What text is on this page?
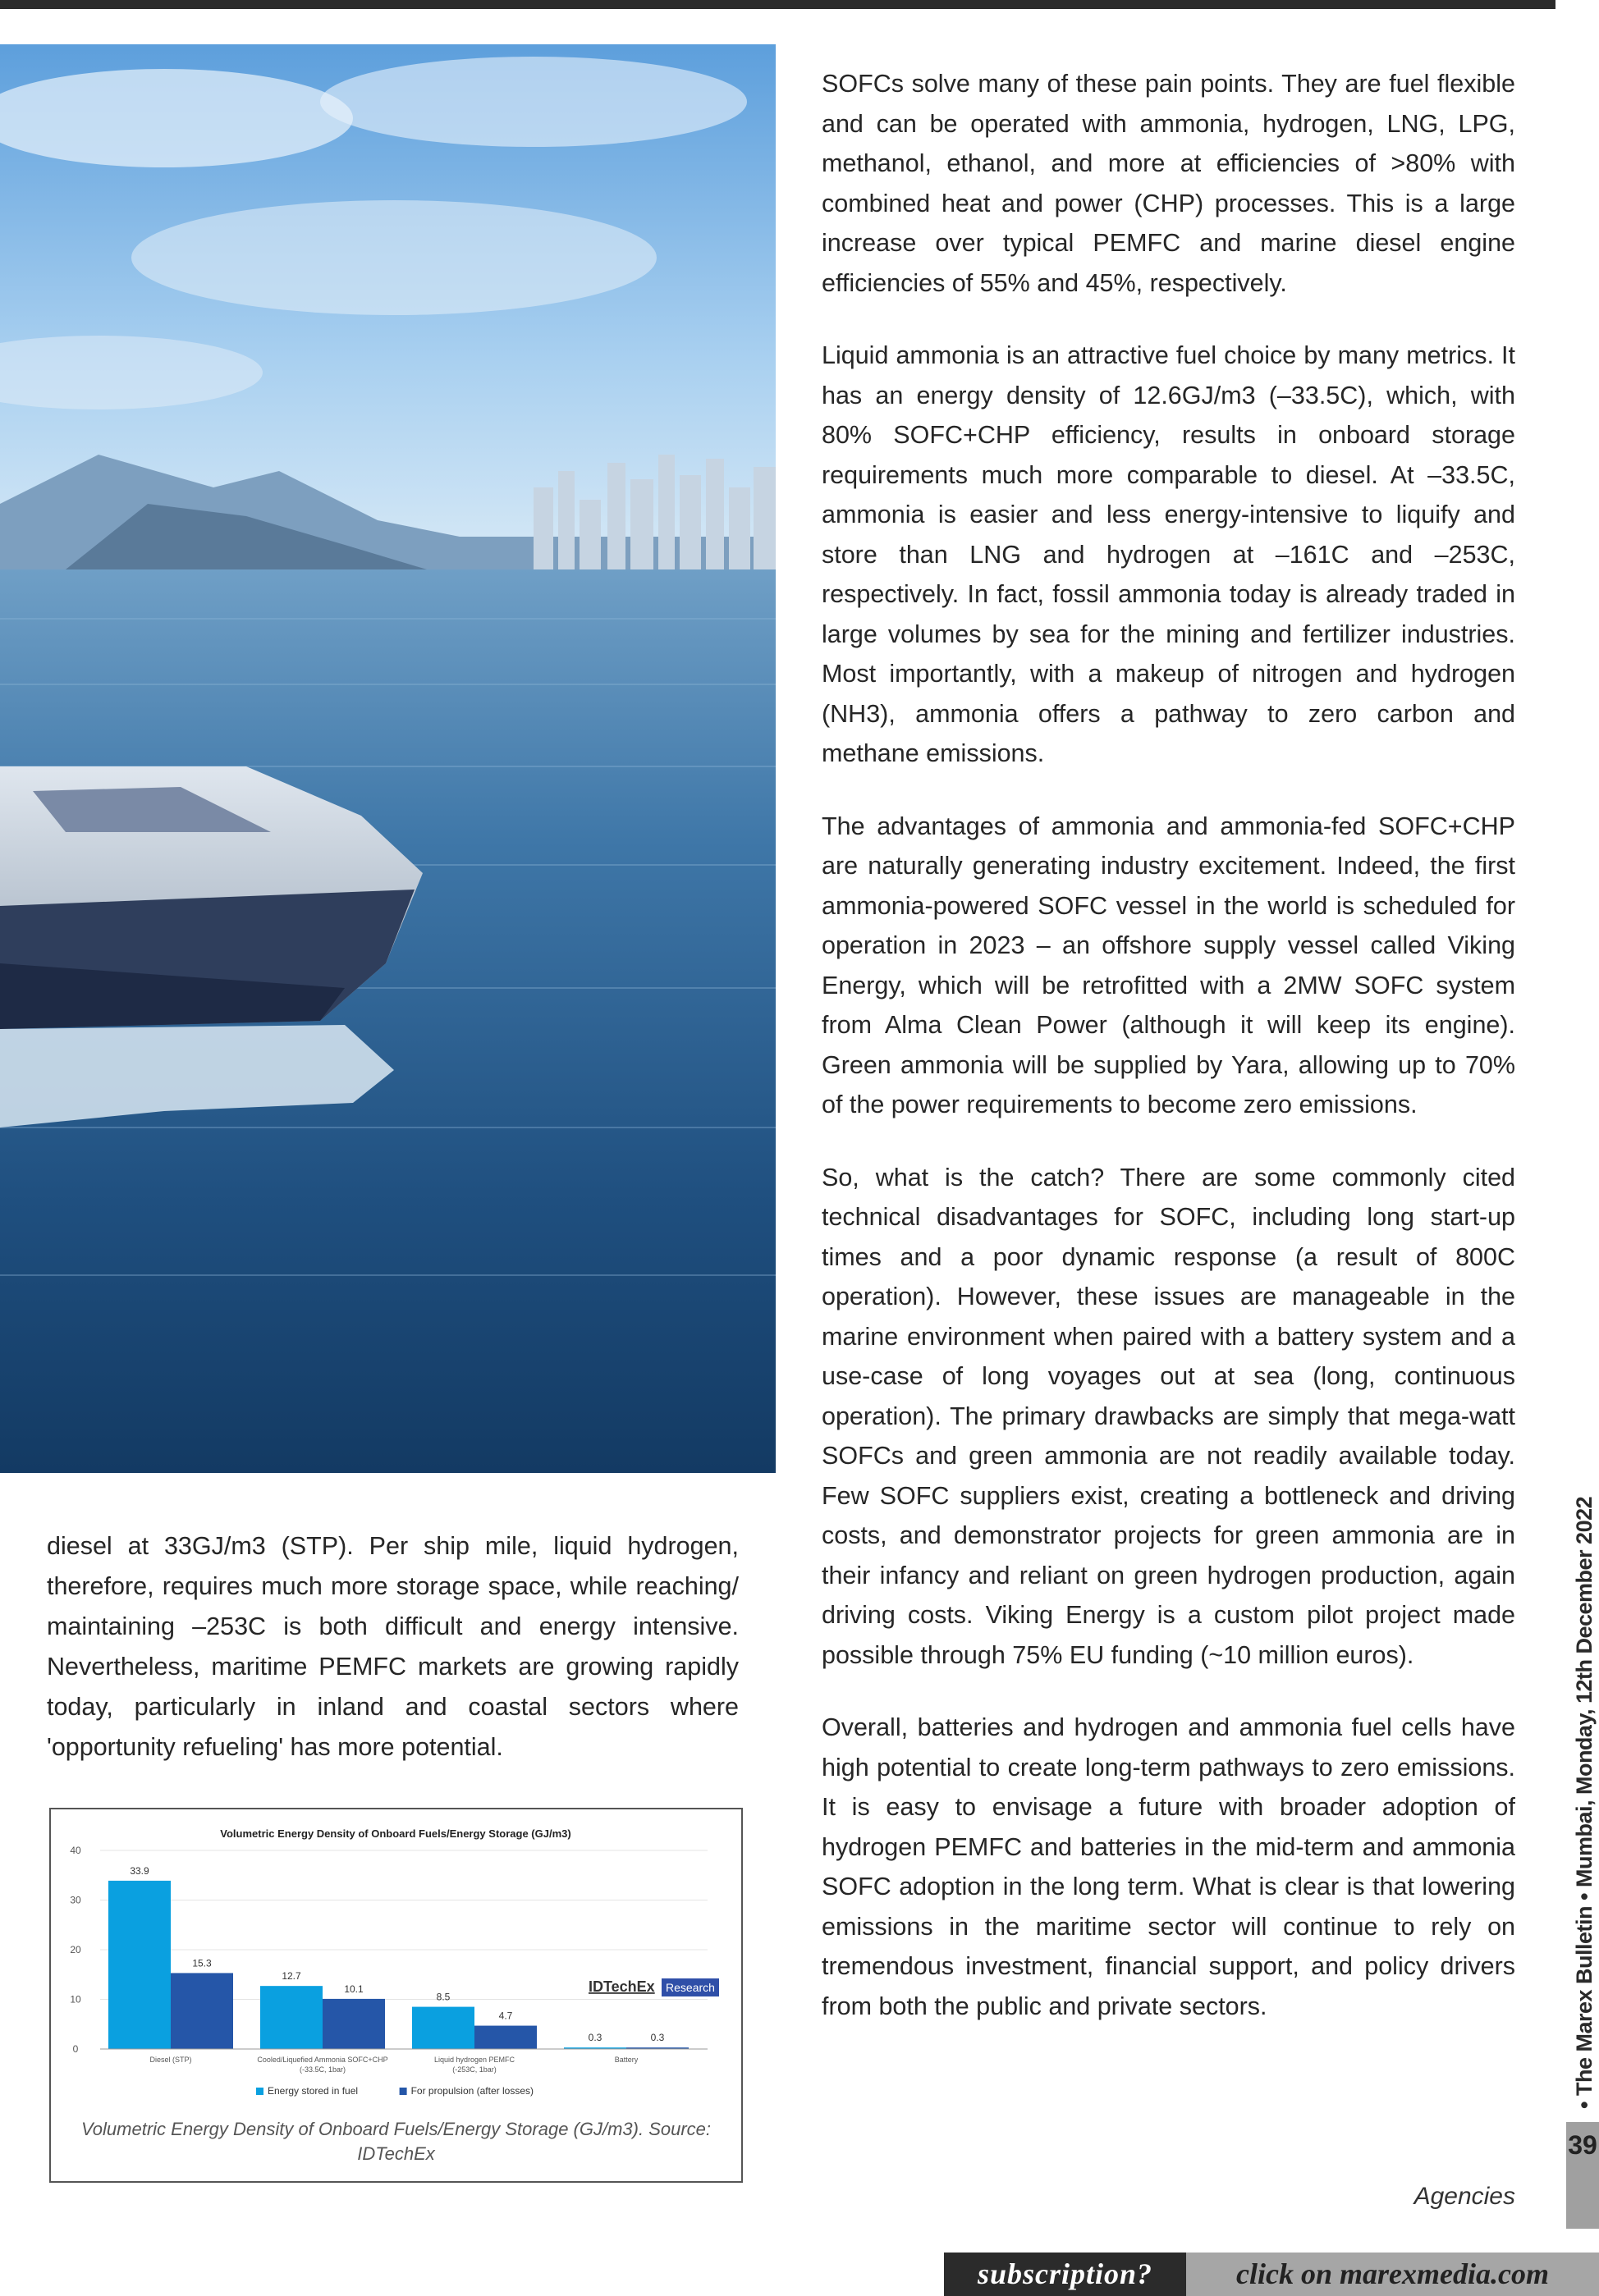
SOFCs solve many of these pain points. They are fuel flexible and can be operated with ammonia, hydrogen, LNG, LPG, methanol, ethanol, and more at efficiencies of >80% with combined heat and power (CHP) processes. This is a large increase over typical PEMFC and marine diesel engine efficiencies of 55% and 45%, respectively.

Liquid ammonia is an attractive fuel choice by many metrics. It has an energy density of 12.6GJ/m3 (–33.5C), which, with 80% SOFC+CHP efficiency, results in onboard storage requirements much more comparable to diesel. At –33.5C, ammonia is easier and less energy-intensive to liquify and store than LNG and hydrogen at –161C and –253C, respectively. In fact, fossil ammonia today is already traded in large volumes by sea for the mining and fertilizer industries. Most importantly, with a makeup of nitrogen and hydrogen (NH3), ammonia offers a pathway to zero carbon and methane emissions.

The advantages of ammonia and ammonia-fed SOFC+CHP are naturally generating industry excitement. Indeed, the first ammonia-powered SOFC vessel in the world is scheduled for operation in 2023 – an offshore supply vessel called Viking Energy, which will be retrofitted with a 2MW SOFC system from Alma Clean Power (although it will keep its engine). Green ammonia will be supplied by Yara, allowing up to 70% of the power requirements to become zero emissions.

So, what is the catch? There are some commonly cited technical disadvantages for SOFC, including long start-up times and a poor dynamic response (a result of 800C operation). However, these issues are manageable in the marine environment when paired with a battery system and a use-case of long voyages out at sea (long, continuous operation). The primary drawbacks are simply that mega-watt SOFCs and green ammonia are not readily available today. Few SOFC suppliers exist, creating a bottleneck and driving costs, and demonstrator projects for green ammonia are in their infancy and reliant on green hydrogen production, again driving costs. Viking Energy is a custom pilot project made possible through 75% EU funding (~10 million euros).

Overall, batteries and hydrogen and ammonia fuel cells have high potential to create long-term pathways to zero emissions. It is easy to envisage a future with broader adoption of hydrogen PEMFC and batteries in the mid-term and ammonia SOFC adoption in the long term. What is clear is that lowering emissions in the maritime sector will continue to rely on tremendous investment, financial support, and policy drivers from both the public and private sectors.

diesel at 33GJ/m3 (STP). Per ship mile, liquid hydrogen, therefore, requires much more storage space, while reaching/ maintaining –253C is both difficult and energy intensive. Nevertheless, maritime PEMFC markets are growing rapidly today, particularly in inland and coastal sectors where 'opportunity refueling' has more potential.

Volumetric Energy Density of Onboard Fuels/Energy Storage (GJ/m3)
0
10
20
30
40
33.9
12.7
8.5
0.3
15.3
10.1
4.7
0.3
Diesel (STP)	Cooled/Liquefied Ammonia SOFC+CHP
(-33.5C, 1bar)
Liquid hydrogen PEMFC
(-253C, 1bar)
Battery
Energy stored in fuel	For propulsion (after losses)
IDTechEx Research
Volumetric Energy Density of Onboard Fuels/Energy Storage (GJ/m3). Source: IDTechEx
Agencies
• The Marex Bulletin • Mumbai, Monday, 12th December 2022
39
subscription?	click on marexmedia.com
